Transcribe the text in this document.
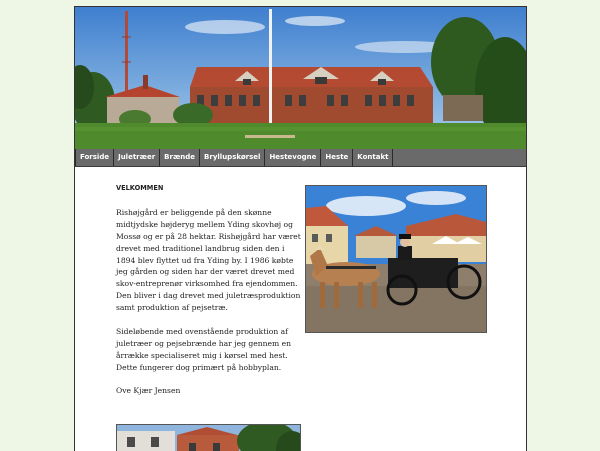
Forside	Juletræer	Brænde	Bryllupskørsel	Hestevogne	Heste	Kontakt

VELKOMMEN

Rishøjgård er beliggende på den skønne midtjydske højderyg mellem Yding skovhøj og Mossø og er på 28 hektar. Rishøjgård har været drevet med traditionel landbrug siden den i 1894 blev flyttet ud fra Yding by. I 1986 købte jeg gården og siden har der været drevet med skov-entreprenør virksomhed fra ejendommen. Den bliver i dag drevet med juletræsproduktion samt produktion af pejsetræ.

Sideløbende med ovenstående produktion af juletræer og pejsebrænde har jeg gennem en årrække specialiseret mig i kørsel med hest. Dette fungerer dog primært på hobbyplan.

Ove Kjær Jensen
